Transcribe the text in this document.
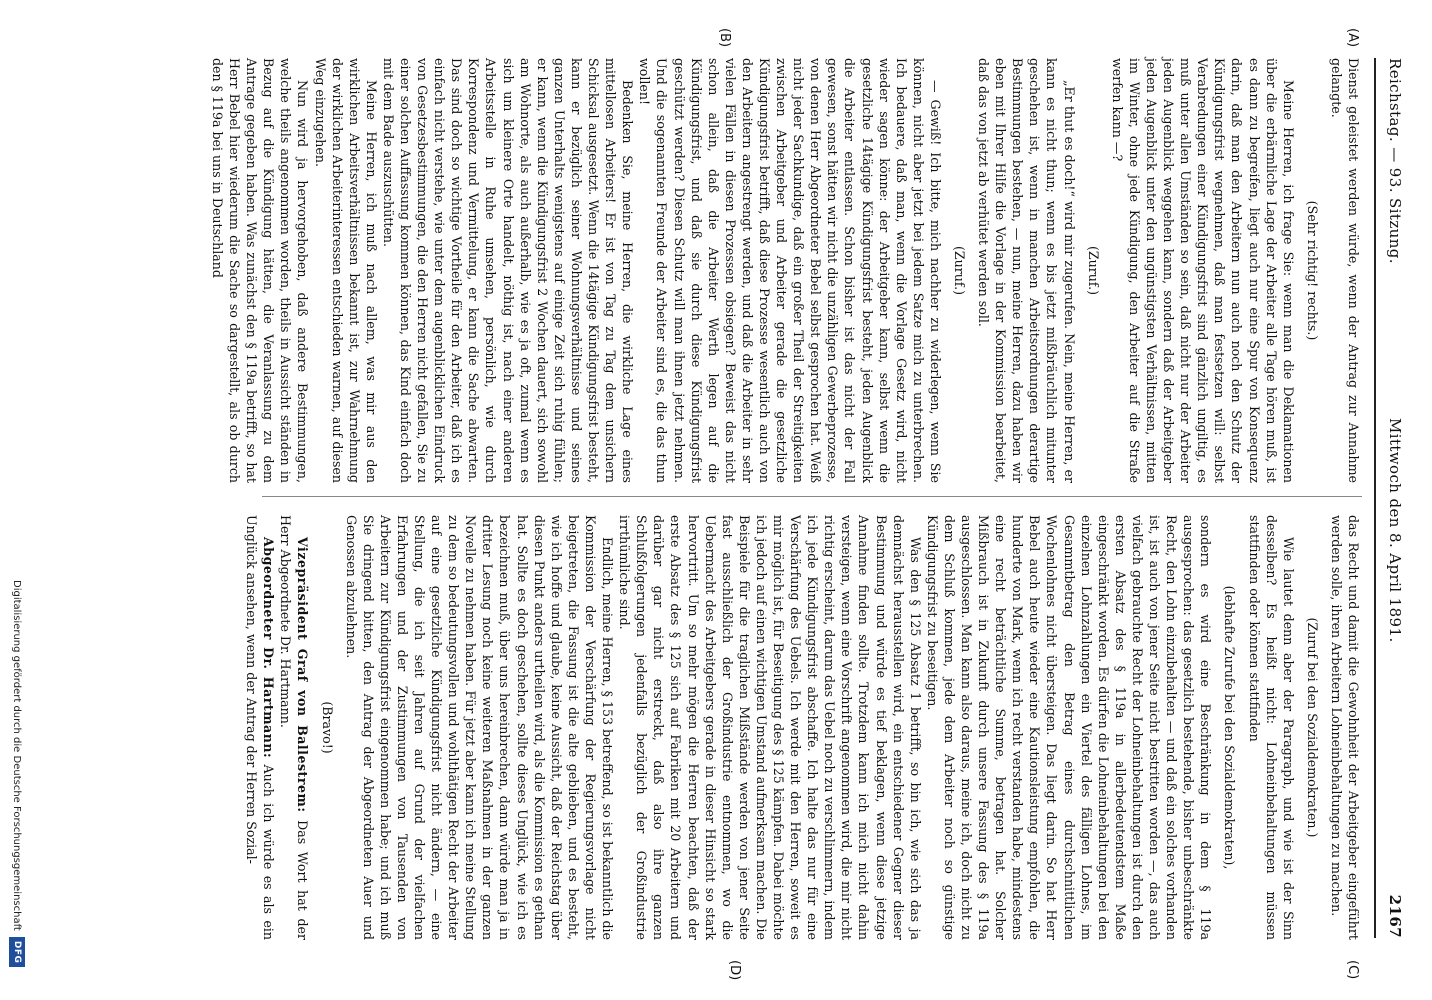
Reichstag. — 93. Sitzung.
Mittwoch den 8. April 1891.
2167
(A)
(B)
(C)
(D)

Dienst geleistet werden würde, wenn der Antrag zur Annahme gelangte.

(Sehr richtig! rechts.)

Meine Herren, ich frage Sie: wenn man die Deklamationen über die erbärmliche Lage der Arbeiter alle Tage hören muß, ist es dann zu begreifen, liegt auch nur eine Spur von Konsequenz darin, daß man den Arbeitern nun auch noch den Schutz der Kündigungsfrist wegnehmen, daß man festsetzen will: selbst Verabredungen einer Kündigungsfrist sind gänzlich ungiltig, es muß unter allen Umständen so sein, daß nicht nur der Arbeiter jeden Augenblick weggehen kann, sondern daß der Arbeitgeber jeden Augenblick unter den ungünstigsten Verhältnissen, mitten im Winter, ohne jede Kündigung, den Arbeiter auf die Straße werfen kann —?

(Zuruf.)

„Er thut es doch!“ wird mir zugerufen. Nein, meine Herren, er kann es nicht thun; wenn es bis jetzt mißbräuchlich mitunter geschehen ist, wenn in manchen Arbeitsordnungen derartige Bestimmungen bestehen, — nun, meine Herren, dazu haben wir eben mit Ihrer Hilfe die Vorlage in der Kommission bearbeitet, daß das von jetzt ab verhütet werden soll.

(Zuruf.)

— Gewiß! Ich bitte, mich nachher zu widerlegen, wenn Sie können, nicht aber jetzt bei jedem Satze mich zu unterbrechen. Ich bedauere, daß man, wenn die Vorlage Gesetz wird, nicht wieder sagen könne: der Arbeitgeber kann, selbst wenn die gesetzliche 14tägige Kündigungsfrist besteht, jeden Augenblick die Arbeiter entlassen. Schon bisher ist das nicht der Fall gewesen, sonst hätten wir nicht die unzähligen Gewerbeprozesse, von denen Herr Abgeordneter Bebel selbst gesprochen hat. Weiß nicht jeder Sachkundige, daß ein großer Theil der Streitigkeiten zwischen Arbeitgeber und Arbeiter gerade die gesetzliche Kündigungsfrist betrifft, daß diese Prozesse wesentlich auch von den Arbeitern angestrengt werden, und daß die Arbeiter in sehr vielen Fällen in diesen Prozessen obsiegen? Beweist das nicht schon allein, daß die Arbeiter Werth legen auf die Kündigungsfrist, und daß sie durch diese Kündigungsfrist geschützt werden? Diesen Schutz will man ihnen jetzt nehmen. Und die sogenannten Freunde der Arbeiter sind es, die das thun wollen!

Bedenken Sie, meine Herren, die wirkliche Lage eines mittellosen Arbeiters! Er ist von Tag zu Tag dem unsichern Schicksal ausgesetzt. Wenn die 14tägige Kündigungsfrist besteht, kann er bezüglich seiner Wohnungsverhältnisse und seines ganzen Unterhalts wenigstens auf einige Zeit sich ruhig fühlen; er kann, wenn die Kündigungsfrist 2 Wochen dauert, sich sowohl am Wohnorte, als auch außerhalb, wie es ja oft, zumal wenn es sich um kleinere Orte handelt, nöthig ist, nach einer anderen Arbeitsstelle in Ruhe umsehen, persönlich, wie durch Korrespondenz und Vermittelung, er kann die Sache abwarten. Das sind doch so wichtige Vortheile für den Arbeiter, daß ich es einfach nicht verstehe, wie unter dem augenblicklichen Eindruck von Gesetzesbestimmungen, die den Herren nicht gefallen, Sie zu einer solchen Auffassung kommen können, das Kind einfach doch mit dem Bade auszuschütten.

Meine Herren, ich muß nach allem, was mir aus den wirklichen Arbeitsverhältnissen bekannt ist, zur Wahrnehmung der wirklichen Arbeiterinteressen entschieden warnen, auf diesen Weg einzugehen.

Nun wird ja hervorgehoben, daß andere Bestimmungen, welche theils angenommen worden, theils in Aussicht ständen in Bezug auf die Kündigung hätten, die Veranlassung zu dem Antrage gegeben haben. Was zunächst den § 119a betrifft, so hat Herr Bebel hier wiederum die Sache so dargestellt, als ob durch den § 119a bei uns in Deutschland

das Recht und damit die Gewohnheit der Arbeitgeber eingeführt werden solle, ihren Arbeitern Lohneinbehaltungen zu machen.

(Zuruf bei den Sozialdemokraten.)

Wie lautet denn aber der Paragraph, und wie ist der Sinn desselben? Es heißt nicht: Lohneinbehaltungen müssen stattfinden oder können stattfinden

(lebhafte Zurufe bei den Sozialdemokraten),

sondern es wird eine Beschränkung in dem § 119a ausgesprochen: das gesetzlich bestehende, bisher unbeschränkte Recht, den Lohn einzubehalten — und daß ein solches vorhanden ist, ist auch von jener Seite nicht bestritten worden —, das auch vielfach gebrauchte Recht der Lohneinbehaltungen ist durch den ersten Absatz des § 119a in allerbedeutendstem Maße eingeschränkt worden. Es dürfen die Lohneinbehaltungen bei den einzelnen Lohnzahlungen ein Viertel des fälligen Lohnes, im Gesammtbetrag den Betrag eines durchschnittlichen Wochenlohnes nicht übersteigen. Das liegt darin. So hat Herr Bebel auch heute wieder eine Kautionsleistung empfohlen, die hunderte von Mark, wenn ich recht verstanden habe, mindestens eine recht beträchtliche Summe, betragen hat. Solcher Mißbrauch ist in Zukunft durch unsere Fassung des § 119a ausgeschlossen. Man kann also daraus, meine ich, doch nicht zu dem Schluß kommen, jede dem Arbeiter noch so günstige Kündigungsfrist zu beseitigen.

Was den § 125 Absatz 1 betrifft, so bin ich, wie sich das ja demnächst herausstellen wird, ein entschiedener Gegner dieser Bestimmung und würde es tief beklagen, wenn diese jetzige Annahme finden sollte. Trotzdem kann ich mich nicht dahin versteigen, wenn eine Vorschrift angenommen wird, die mir nicht richtig erscheint, darum das Uebel noch zu verschlimmern, indem ich jede Kündigungsfrist abschaffe. Ich halte das nur für eine Verschärfung des Uebels. Ich werde mit den Herren, soweit es mir möglich ist, für Beseitigung des § 125 kämpfen. Dabei möchte ich jedoch auf einen wichtigen Umstand aufmerksam machen. Die Beispiele für die traglichen Mißstände werden von jener Seite fast ausschließlich der Großindustrie entnommen, wo die Uebermacht des Arbeitgebers gerade in dieser Hinsicht so stark hervortritt. Um so mehr mögen die Herren beachten, daß der erste Absatz des § 125 sich auf Fabriken mit 20 Arbeitern und darüber gar nicht erstreckt, daß also ihre ganzen Schlußfolgerungen jedenfalls bezüglich der Großindustrie irrthümliche sind.

Endlich, meine Herren, § 153 betreffend, so ist bekanntlich die Kommission der Verschärfung der Regierungsvorlage nicht beigetreten, die Fassung ist die alte geblieben, und es besteht, wie ich hoffe und glaube, keine Aussicht, daß der Reichstag über diesen Punkt anders urtheilen wird, als die Kommission es gethan hat. Sollte es doch geschehen, sollte dieses Unglück, wie ich es bezeichnen muß, über uns hereinbrechen, dann würde man ja in dritter Lesung noch keine weiteren Maßnahmen in der ganzen Novelle zu nehmen haben. Für jetzt aber kann ich meine Stellung zu dem so bedeutungsvollen und wohlthätigen Recht der Arbeiter auf eine gesetzliche Kündigungsfrist nicht ändern, — eine Stellung, die ich seit Jahren auf Grund der vielfachen Erfahrungen und der Zustimmungen von Tausenden von Arbeitern zur Kündigungsfrist eingenommen habe; und ich muß Sie dringend bitten, den Antrag der Abgeordneten Auer und Genossen abzulehnen.

(Bravo!)

Vizepräsident Graf von Ballestrem: Das Wort hat der Herr Abgeordnete Dr. Hartmann.

Abgeordneter Dr. Hartmann: Auch ich würde es als ein Unglück ansehen, wenn der Antrag der Herren Sozial-

Digitalisierung gefördert durch die Deutsche Forschungsgemeinschaft
DFG
